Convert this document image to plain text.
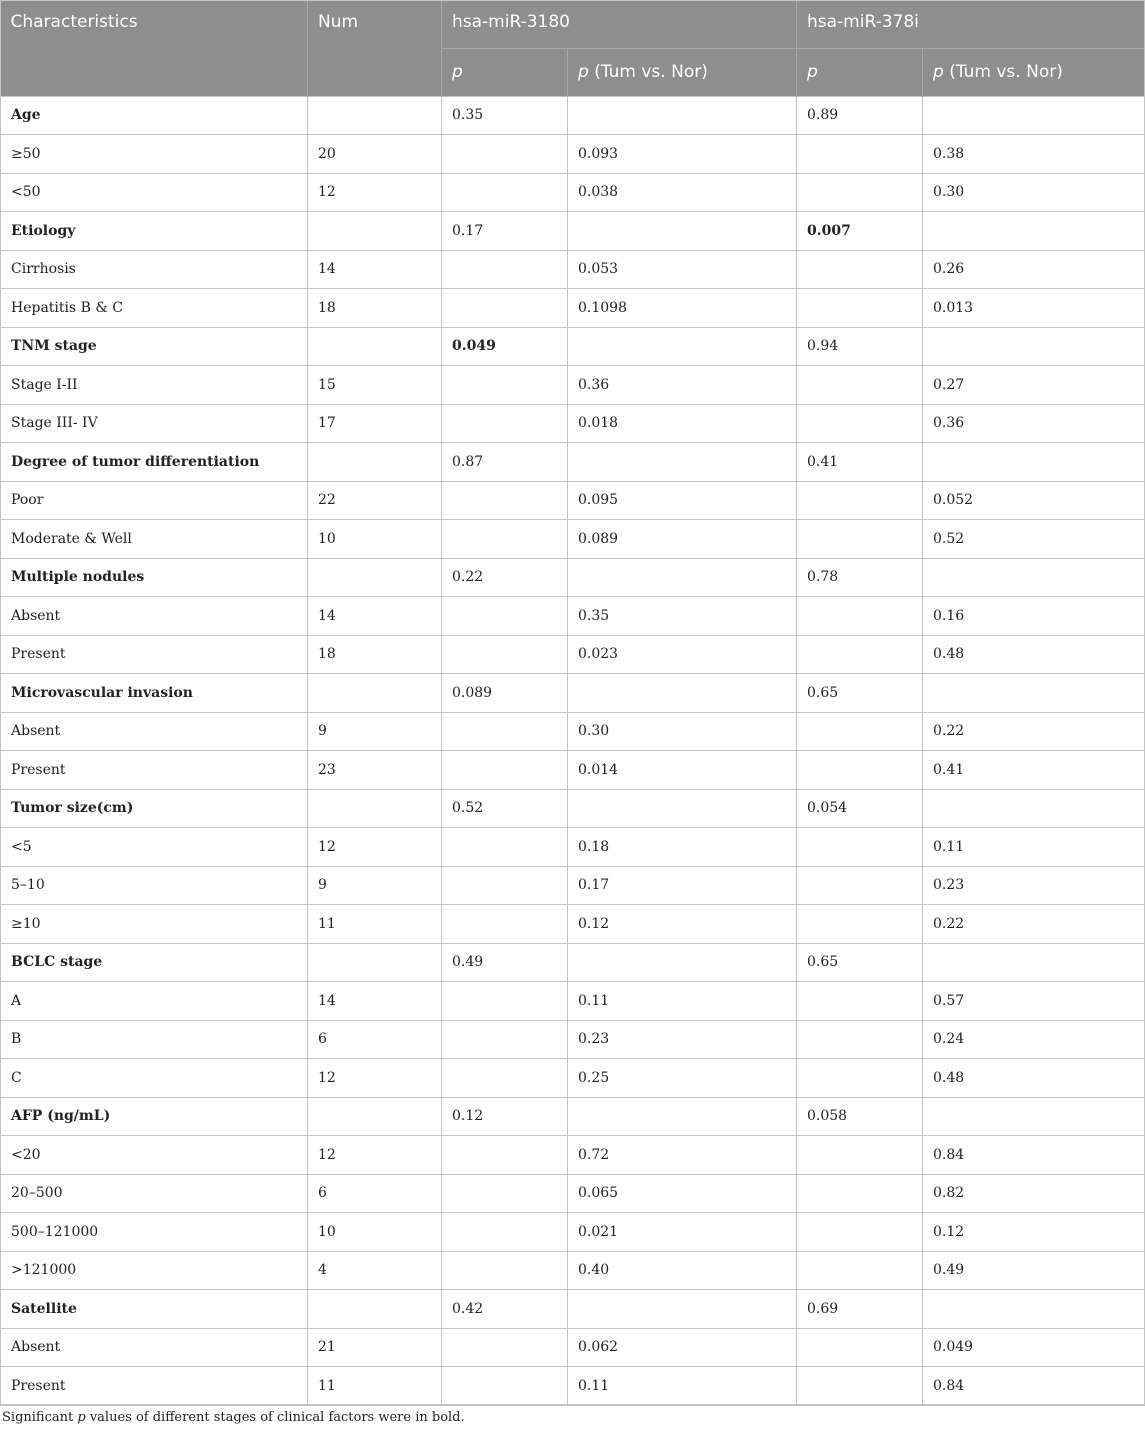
Characteristics	Num	hsa-miR-3180		hsa-miR-378i	
		p	p (Tum vs. Nor)	p	p (Tum vs. Nor)
Age		0.35		0.89	
≥50	20		0.093		0.38
<50	12		0.038		0.30
Etiology		0.17		0.007	
Cirrhosis	14		0.053		0.26
Hepatitis B & C	18		0.1098		0.013
TNM stage		0.049		0.94	
Stage I-II	15		0.36		0.27
Stage III- IV	17		0.018		0.36
Degree of tumor differentiation		0.87		0.41	
Poor	22		0.095		0.052
Moderate & Well	10		0.089		0.52
Multiple nodules		0.22		0.78	
Absent	14		0.35		0.16
Present	18		0.023		0.48
Microvascular invasion		0.089		0.65	
Absent	9		0.30		0.22
Present	23		0.014		0.41
Tumor size(cm)		0.52		0.054	
<5	12		0.18		0.11
5–10	9		0.17		0.23
≥10	11		0.12		0.22
BCLC stage		0.49		0.65	
A	14		0.11		0.57
B	6		0.23		0.24
C	12		0.25		0.48
AFP (ng/mL)		0.12		0.058	
<20	12		0.72		0.84
20–500	6		0.065		0.82
500–121000	10		0.021		0.12
>121000	4		0.40		0.49
Satellite		0.42		0.69	
Absent	21		0.062		0.049
Present	11		0.11		0.84
Significant p values of different stages of clinical factors were in bold.
